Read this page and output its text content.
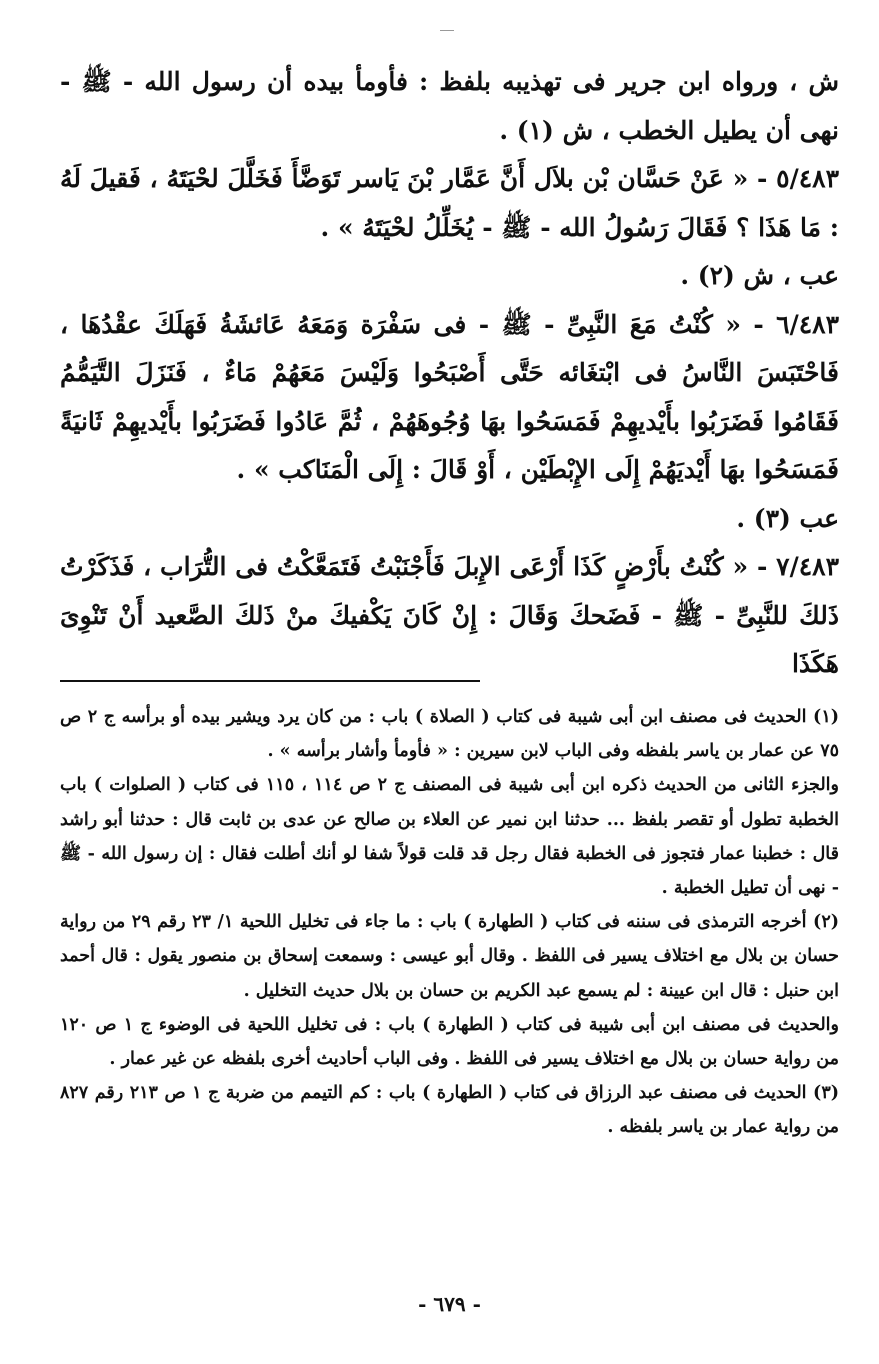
ش ، ورواه ابن جرير فى تهذيبه بلفظ : فأومأ بيده أن رسول الله - ﷺ - نهى أن يطيل الخطب ، ش (١) .

٥/٤٨٣ - « عَنْ حَسَّان بْن بلاَل أَنَّ عَمَّار بْنَ يَاسر تَوَضَّأَ فَخَلَّلَ لحْيَتَهُ ، فَقيلَ لَهُ : مَا هَذَا ؟ فَقَالَ رَسُولُ الله - ﷺ - يُخَلِّلُ لحْيَتَهُ » .

عب ، ش (٢) .

٦/٤٨٣ - « كُنْتُ مَعَ النَّبِىِّ - ﷺ - فى سَفْرَة وَمَعَهُ عَائشَةُ فَهَلَكَ عقْدُهَا ، فَاحْتَبَسَ النَّاسُ فى ابْتغَائه حَتَّى أَصْبَحُوا وَلَيْسَ مَعَهُمْ مَاءٌ ، فَنَزَلَ التَّيَمُّمُ فَقَامُوا فَضَرَبُوا بأَيْديهِمْ فَمَسَحُوا بهَا وُجُوهَهُمْ ، ثُمَّ عَادُوا فَضَرَبُوا بأَيْديهِمْ ثَانيَةً فَمَسَحُوا بهَا أَيْديَهُمْ إِلَى الإِبْطَيْن ، أَوْ قَالَ : إِلَى الْمَنَاكب » .

عب (٣) .

٧/٤٨٣ - « كُنْتُ بأَرْضٍ كَذَا أَرْعَى الإِبلَ فَأَجْنَبْتُ فَتَمَعَّكْتُ فى التُّرَاب ، فَذَكَرْتُ ذَلكَ للنَّبِىِّ - ﷺ - فَضَحكَ وَقَالَ : إِنْ كَانَ يَكْفيكَ منْ ذَلكَ الصَّعيد أَنْ تَنْوِىَ هَكَذَا

(١) الحديث فى مصنف ابن أبى شيبة فى كتاب ( الصلاة ) باب : من كان يرد ويشير بيده أو برأسه ج ٢ ص ٧٥ عن عمار بن ياسر بلفظه وفى الباب لابن سيرين : « فأومأ وأشار برأسه » .

والجزء الثانى من الحديث ذكره ابن أبى شيبة فى المصنف ج ٢ ص ١١٤ ، ١١٥ فى كتاب ( الصلوات ) باب الخطبة تطول أو تقصر بلفظ ... حدثنا ابن نمير عن العلاء بن صالح عن عدى بن ثابت قال : حدثنا أبو راشد قال : خطبنا عمار فتجوز فى الخطبة فقال رجل قد قلت قولاً شفا لو أنك أطلت فقال : إن رسول الله - ﷺ - نهى أن تطيل الخطبة .

(٢) أخرجه الترمذى فى سننه فى كتاب ( الطهارة ) باب : ما جاء فى تخليل اللحية ١/ ٢٣ رقم ٢٩ من رواية حسان بن بلال مع اختلاف يسير فى اللفظ . وقال أبو عيسى : وسمعت إسحاق بن منصور يقول : قال أحمد ابن حنبل : قال ابن عيينة : لم يسمع عبد الكريم بن حسان بن بلال حديث التخليل .

والحديث فى مصنف ابن أبى شيبة فى كتاب ( الطهارة ) باب : فى تخليل اللحية فى الوضوء ج ١ ص ١٢٠ من رواية حسان بن بلال مع اختلاف يسير فى اللفظ . وفى الباب أحاديث أخرى بلفظه عن غير عمار .

(٣) الحديث فى مصنف عبد الرزاق فى كتاب ( الطهارة ) باب : كم التيمم من ضربة ج ١ ص ٢١٣ رقم ٨٢٧ من رواية عمار بن ياسر بلفظه .

- ٦٧٩ -
